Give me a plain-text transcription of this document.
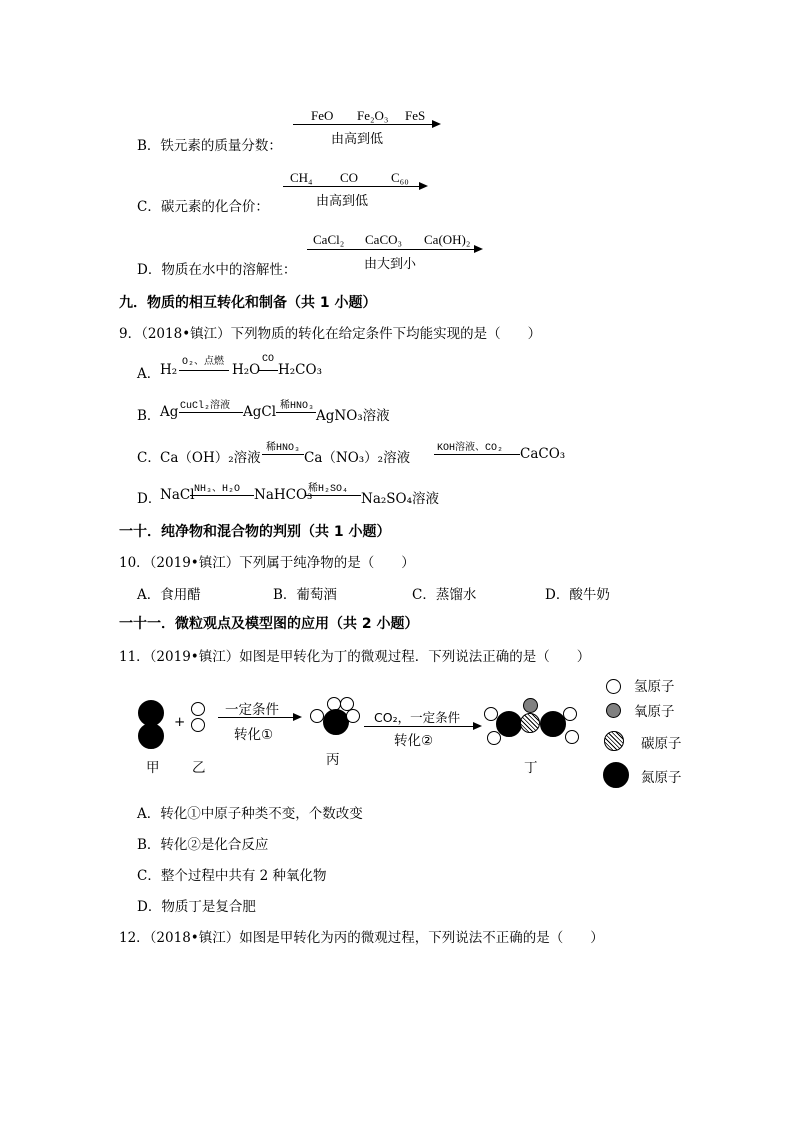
B．铁元素的质量分数：
FeO Fe₂O₃ FeS
由高到低
C．碳元素的化合价：
CH₄ CO	C₆₀
由高到低
D．物质在水中的溶解性：
CaCl₂ CaCO₃ Ca(OH)₂
由大到小
九．物质的相互转化和制备（共 1 小题）
9．（2018•镇江）下列物质的转化在给定条件下均能实现的是（　　）
A． H₂ O₂、点燃 H₂O
CO
H₂CO₃
B． Ag CuCl₂溶液 AgCl 稀HNO₃
AgNO₃溶液
C． Ca（OH）₂溶液
稀HNO₃
Ca（NO₃）₂溶液
KOH溶液、CO₂ CaCO₃
D．
NaCl NH₃、H₂O NaHCO₃
稀H₂SO₄
Na₂SO₄溶液
一十．纯净物和混合物的判别（共 1 小题）
10．（2019•镇江）下列属于纯净物的是（　　）
A．食用醋	B．葡萄酒	C．蒸馏水	D．酸牛奶
一十一．微粒观点及模型图的应用（共 2 小题）
11．（2019•镇江）如图是甲转化为丁的微观过程．下列说法正确的是（　　）
甲
+
乙
一定条件
转化①
丙
CO₂，一定条件
转化②
丁
氢原子
氧原子
碳原子
氮原子
A．转化①中原子种类不变，个数改变
B．转化②是化合反应
C．整个过程中共有 2 种氧化物
D．物质丁是复合肥
12．（2018•镇江）如图是甲转化为丙的微观过程，下列说法不正确的是（　　）
